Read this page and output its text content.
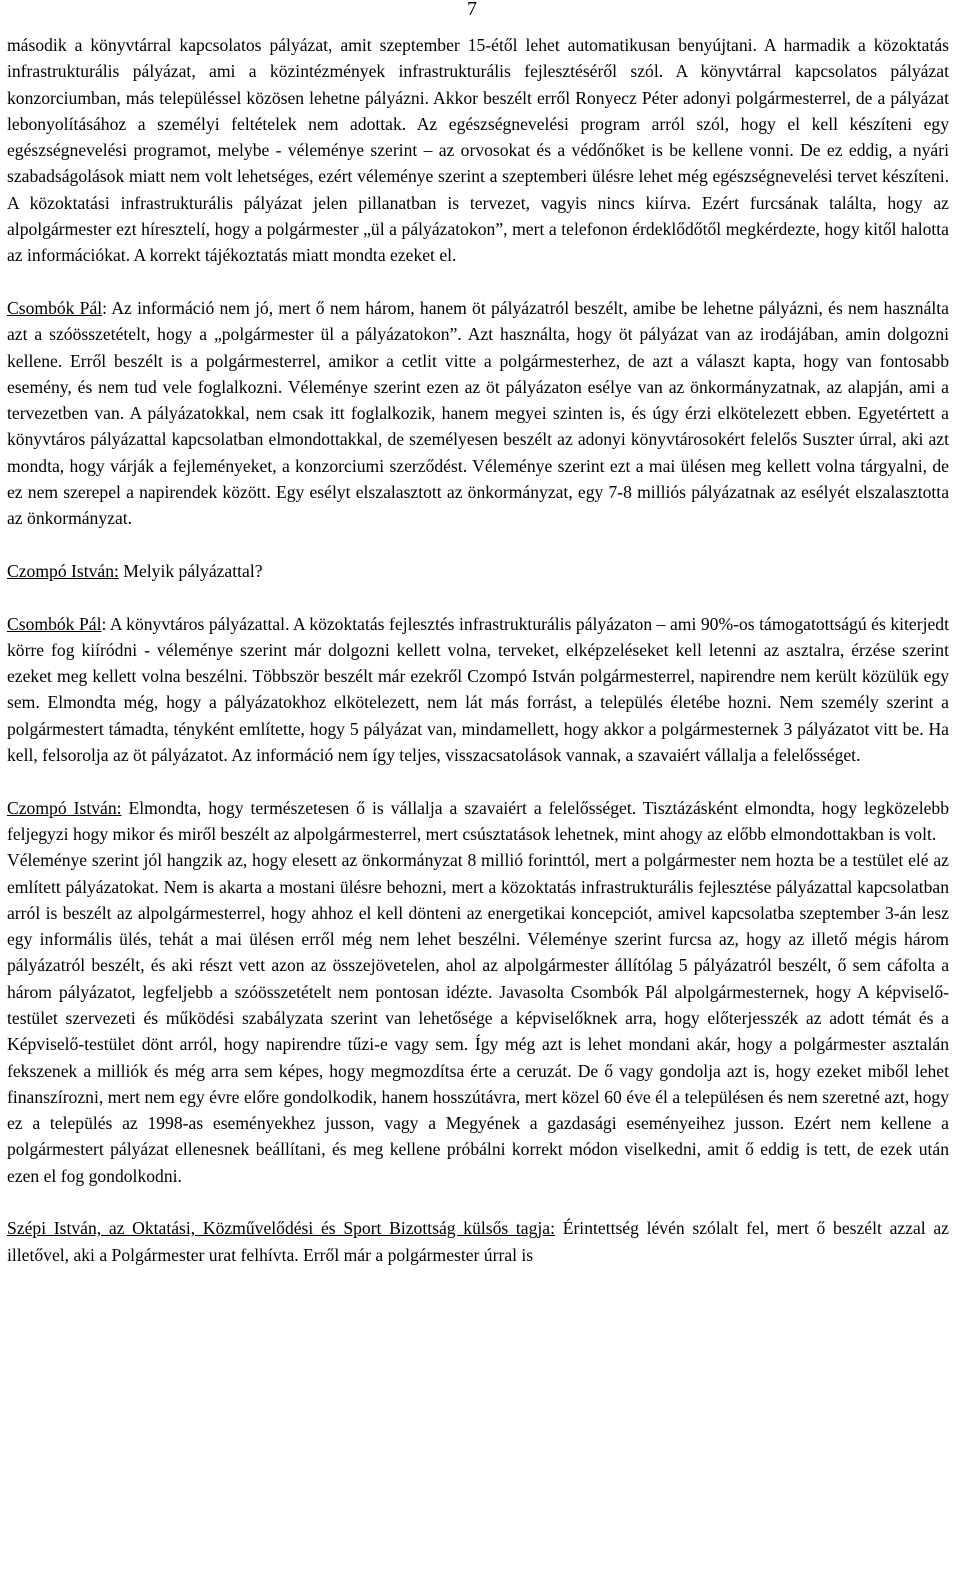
7

második a könyvtárral kapcsolatos pályázat, amit szeptember 15-étől lehet automatikusan benyújtani. A harmadik a közoktatás infrastrukturális pályázat, ami a közintézmények infrastrukturális fejlesztéséről szól. A könyvtárral kapcsolatos pályázat konzorciumban, más településsel közösen lehetne pályázni. Akkor beszélt erről Ronyecz Péter adonyi polgármesterrel, de a pályázat lebonyolításához a személyi feltételek nem adottak. Az egészségnevelési program arról szól, hogy el kell készíteni egy egészségnevelési programot, melybe - véleménye szerint – az orvosokat és a védőnőket is be kellene vonni. De ez eddig, a nyári szabadságolások miatt nem volt lehetséges, ezért véleménye szerint a szeptemberi ülésre lehet még egészségnevelési tervet készíteni. A közoktatási infrastrukturális pályázat jelen pillanatban is tervezet, vagyis nincs kiírva. Ezért furcsának találta, hogy az alpolgármester ezt híresztelí, hogy a polgármester „ül a pályázatokon”, mert a telefonon érdeklődőtől megkérdezte, hogy kitől halotta az információkat. A korrekt tájékoztatás miatt mondta ezeket el.

Csombók Pál: Az információ nem jó, mert ő nem három, hanem öt pályázatról beszélt, amibe be lehetne pályázni, és nem használta azt a szóösszetételt, hogy a „polgármester ül a pályázatokon”. Azt használta, hogy öt pályázat van az irodájában, amin dolgozni kellene. Erről beszélt is a polgármesterrel, amikor a cetlit vitte a polgármesterhez, de azt a választ kapta, hogy van fontosabb esemény, és nem tud vele foglalkozni. Véleménye szerint ezen az öt pályázaton esélye van az önkormányzatnak, az alapján, ami a tervezetben van. A pályázatokkal, nem csak itt foglalkozik, hanem megyei szinten is, és úgy érzi elkötelezett ebben. Egyetértett a könyvtáros pályázattal kapcsolatban elmondottakkal, de személyesen beszélt az adonyi könyvtárosokért felelős Suszter úrral, aki azt mondta, hogy várják a fejleményeket, a konzorciumi szerződést. Véleménye szerint ezt a mai ülésen meg kellett volna tárgyalni, de ez nem szerepel a napirendek között. Egy esélyt elszalasztott az önkormányzat, egy 7-8 milliós pályázatnak az esélyét elszalasztotta az önkormányzat.

Czompó István: Melyik pályázattal?

Csombók Pál: A könyvtáros pályázattal. A közoktatás fejlesztés infrastrukturális pályázaton – ami 90%-os támogatottságú és kiterjedt körre fog kiíródni - véleménye szerint már dolgozni kellett volna, terveket, elképzeléseket kell letenni az asztalra, érzése szerint ezeket meg kellett volna beszélni. Többször beszélt már ezekről Czompó István polgármesterrel, napirendre nem került közülük egy sem. Elmondta még, hogy a pályázatokhoz elkötelezett, nem lát más forrást, a település életébe hozni. Nem személy szerint a polgármestert támadta, tényként említette, hogy 5 pályázat van, mindamellett, hogy akkor a polgármesternek 3 pályázatot vitt be. Ha kell, felsorolja az öt pályázatot. Az információ nem így teljes, visszacsatolások vannak, a szavaiért vállalja a felelősséget.

Czompó István: Elmondta, hogy természetesen ő is vállalja a szavaiért a felelősséget. Tisztázásként elmondta, hogy legközelebb feljegyzi hogy mikor és miről beszélt az alpolgármesterrel, mert csúsztatások lehetnek, mint ahogy az előbb elmondottakban is volt.

Véleménye szerint jól hangzik az, hogy elesett az önkormányzat 8 millió forinttól, mert a polgármester nem hozta be a testület elé az említett pályázatokat. Nem is akarta a mostani ülésre behozni, mert a közoktatás infrastrukturális fejlesztése pályázattal kapcsolatban arról is beszélt az alpolgármesterrel, hogy ahhoz el kell dönteni az energetikai koncepciót, amivel kapcsolatba szeptember 3-án lesz egy informális ülés, tehát a mai ülésen erről még nem lehet beszélni. Véleménye szerint furcsa az, hogy az illető mégis három pályázatról beszélt, és aki részt vett azon az összejövetelen, ahol az alpolgármester állítólag 5 pályázatról beszélt, ő sem cáfolta a három pályázatot, legfeljebb a szóösszetételt nem pontosan idézte. Javasolta Csombók Pál alpolgármesternek, hogy A képviselő-testület szervezeti és működési szabályzata szerint van lehetősége a képviselőknek arra, hogy előterjesszék az adott témát és a Képviselő-testület dönt arról, hogy napirendre tűzi-e vagy sem. Így még azt is lehet mondani akár, hogy a polgármester asztalán fekszenek a milliók és még arra sem képes, hogy megmozdítsa érte a ceruzát. De ő vagy gondolja azt is, hogy ezeket miből lehet finanszírozni, mert nem egy évre előre gondolkodik, hanem hosszútávra, mert közel 60 éve él a településen és nem szeretné azt, hogy ez a település az 1998-as eseményekhez jusson, vagy a Megyének a gazdasági eseményeihez jusson. Ezért nem kellene a polgármestert pályázat ellenesnek beállítani, és meg kellene próbálni korrekt módon viselkedni, amit ő eddig is tett, de ezek után ezen el fog gondolkodni.

Szépi István, az Oktatási, Közművelődési és Sport Bizottság külsős tagja: Érintettség lévén szólalt fel, mert ő beszélt azzal az illetővel, aki a Polgármester urat felhívta. Erről már a polgármester úrral is
